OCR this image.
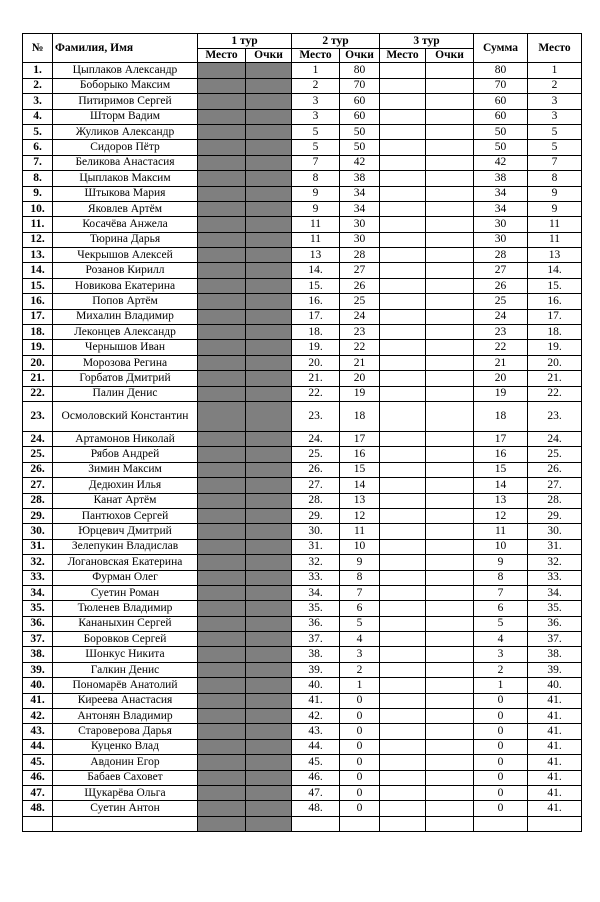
№	Фамилия, Имя	1 тур		2 тур		3 тур		Сумма	Место
		Место	Очки	Место	Очки	Место	Очки		
1.	Цыплаков Александр			1	80			80	1
2.	Боборыко Максим			2	70			70	2
3.	Питиримов Сергей			3	60			60	3
4.	Шторм Вадим			3	60			60	3
5.	Жуликов Александр			5	50			50	5
6.	Сидоров Пётр			5	50			50	5
7.	Беликова Анастасия			7	42			42	7
8.	Цыплаков Максим			8	38			38	8
9.	Штыкова Мария			9	34			34	9
10.	Яковлев Артём			9	34			34	9
11.	Косачёва Анжела			11	30			30	11
12.	Тюрина Дарья			11	30			30	11
13.	Чекрышов Алексей			13	28			28	13
14.	Розанов Кирилл			14.	27			27	14.
15.	Новикова Екатерина			15.	26			26	15.
16.	Попов Артём			16.	25			25	16.
17.	Михалин Владимир			17.	24			24	17.
18.	Леконцев Александр			18.	23			23	18.
19.	Чернышов Иван			19.	22			22	19.
20.	Морозова Регина			20.	21			21	20.
21.	Горбатов Дмитрий			21.	20			20	21.
22.	Палин Денис			22.	19			19	22.
23.	Осмоловский Константин			23.	18			18	23.
24.	Артамонов Николай			24.	17			17	24.
25.	Рябов Андрей			25.	16			16	25.
26.	Зимин Максим			26.	15			15	26.
27.	Дедюхин Илья			27.	14			14	27.
28.	Канат Артём			28.	13			13	28.
29.	Пантюхов Сергей			29.	12			12	29.
30.	Юрцевич Дмитрий			30.	11			11	30.
31.	Зелепукин Владислав			31.	10			10	31.
32.	Логановская Екатерина			32.	9			9	32.
33.	Фурман Олег			33.	8			8	33.
34.	Суетин Роман			34.	7			7	34.
35.	Тюленев Владимир			35.	6			6	35.
36.	Кананыхин Сергей			36.	5			5	36.
37.	Боровков Сергей			37.	4			4	37.
38.	Шонкус Никита			38.	3			3	38.
39.	Галкин Денис			39.	2			2	39.
40.	Пономарёв Анатолий			40.	1			1	40.
41.	Киреева Анастасия			41.	0			0	41.
42.	Антонян Владимир			42.	0			0	41.
43.	Староверова Дарья			43.	0			0	41.
44.	Куценко Влад			44.	0			0	41.
45.	Авдонин Егор			45.	0			0	41.
46.	Бабаев Саховет			46.	0			0	41.
47.	Щукарёва Ольга			47.	0			0	41.
48.	Суетин Антон			48.	0			0	41.
